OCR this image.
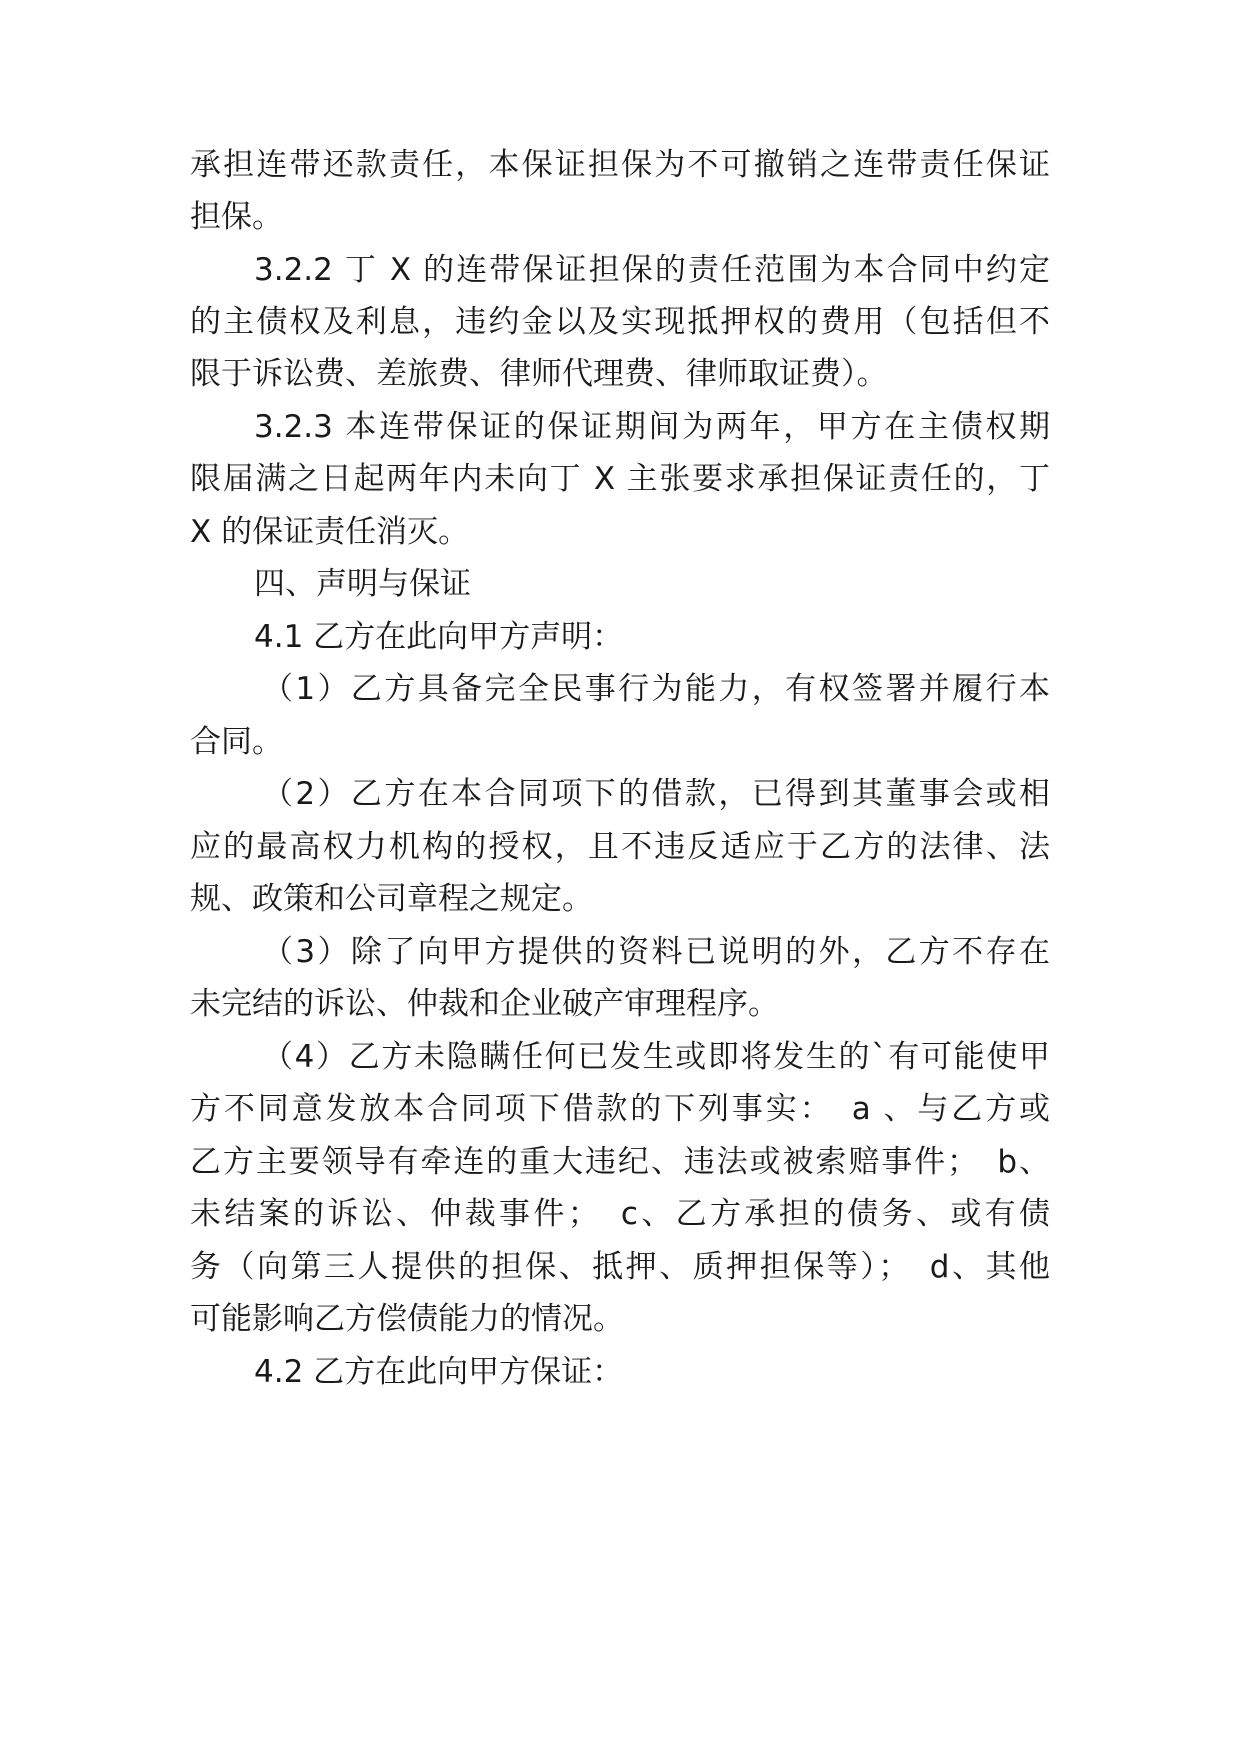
承担连带还款责任，本保证担保为不可撤销之连带责任保证
担保。
3.2.2 丁 X 的连带保证担保的责任范围为本合同中约定
的主债权及利息，违约金以及实现抵押权的费用（包括但不
限于诉讼费、差旅费、律师代理费、律师取证费）。
3.2.3 本连带保证的保证期间为两年，甲方在主债权期
限届满之日起两年内未向丁 X 主张要求承担保证责任的，丁
X 的保证责任消灭。
四、声明与保证
4.1 乙方在此向甲方声明：
（1）乙方具备完全民事行为能力，有权签署并履行本
合同。
（2）乙方在本合同项下的借款，已得到其董事会或相
应的最高权力机构的授权，且不违反适应于乙方的法律、法
规、政策和公司章程之规定。
（3）除了向甲方提供的资料已说明的外，乙方不存在
未完结的诉讼、仲裁和企业破产审理程序。
（4）乙方未隐瞒任何已发生或即将发生的`有可能使甲
方不同意发放本合同项下借款的下列事实：　a 、与乙方或
乙方主要领导有牵连的重大违纪、违法或被索赔事件；　b、
未结案的诉讼、仲裁事件；　c、乙方承担的债务、或有债
务（向第三人提供的担保、抵押、质押担保等）；　d、其他
可能影响乙方偿债能力的情况。
4.2 乙方在此向甲方保证：
